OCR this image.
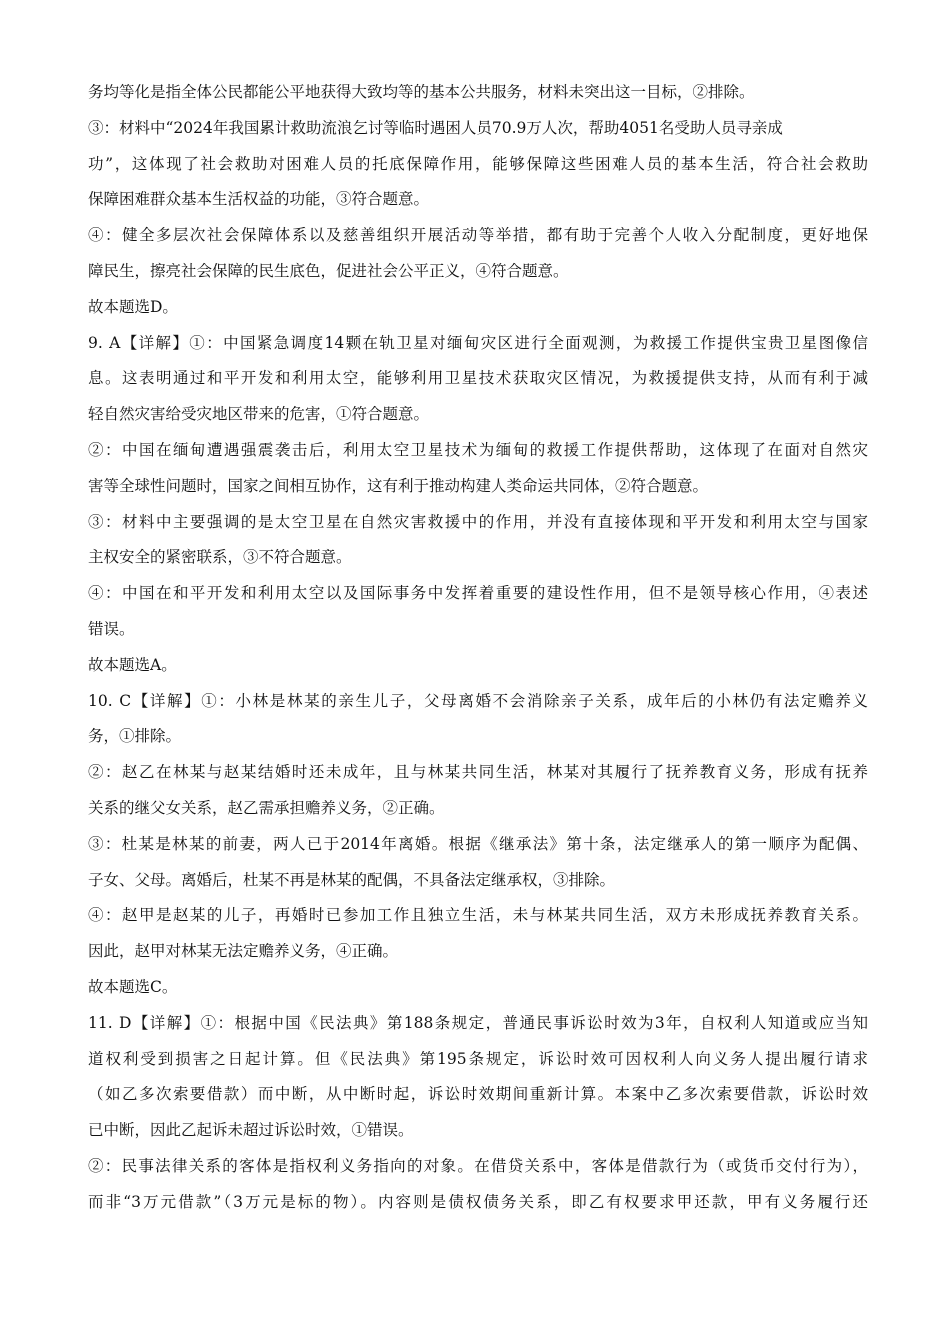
务均等化是指全体公民都能公平地获得大致均等的基本公共服务，材料未突出这一目标，②排除。
③：材料中“2024年我国累计救助流浪乞讨等临时遇困人员70.9万人次，帮助4051名受助人员寻亲成
功”，这体现了社会救助对困难人员的托底保障作用，能够保障这些困难人员的基本生活，符合社会救助
保障困难群众基本生活权益的功能，③符合题意。
④：健全多层次社会保障体系以及慈善组织开展活动等举措，都有助于完善个人收入分配制度，更好地保
障民生，擦亮社会保障的民生底色，促进社会公平正义，④符合题意。
故本题选D。
9. A【详解】①：中国紧急调度14颗在轨卫星对缅甸灾区进行全面观测，为救援工作提供宝贵卫星图像信
息。这表明通过和平开发和利用太空，能够利用卫星技术获取灾区情况，为救援提供支持，从而有利于减
轻自然灾害给受灾地区带来的危害，①符合题意。
②：中国在缅甸遭遇强震袭击后，利用太空卫星技术为缅甸的救援工作提供帮助，这体现了在面对自然灾
害等全球性问题时，国家之间相互协作，这有利于推动构建人类命运共同体，②符合题意。
③：材料中主要强调的是太空卫星在自然灾害救援中的作用，并没有直接体现和平开发和利用太空与国家
主权安全的紧密联系，③不符合题意。
④：中国在和平开发和利用太空以及国际事务中发挥着重要的建设性作用，但不是领导核心作用，④表述
错误。
故本题选A。
10. C【详解】①：小林是林某的亲生儿子，父母离婚不会消除亲子关系，成年后的小林仍有法定赡养义
务，①排除。
②：赵乙在林某与赵某结婚时还未成年，且与林某共同生活，林某对其履行了抚养教育义务，形成有抚养
关系的继父女关系，赵乙需承担赡养义务，②正确。
③：杜某是林某的前妻，两人已于2014年离婚。根据《继承法》第十条，法定继承人的第一顺序为配偶、
子女、父母。离婚后，杜某不再是林某的配偶，不具备法定继承权，③排除。
④：赵甲是赵某的儿子，再婚时已参加工作且独立生活，未与林某共同生活，双方未形成抚养教育关系。
因此，赵甲对林某无法定赡养义务，④正确。
故本题选C。
11. D【详解】①：根据中国《民法典》第188条规定，普通民事诉讼时效为3年，自权利人知道或应当知
道权利受到损害之日起计算。但《民法典》第195条规定，诉讼时效可因权利人向义务人提出履行请求
（如乙多次索要借款）而中断，从中断时起，诉讼时效期间重新计算。本案中乙多次索要借款，诉讼时效
已中断，因此乙起诉未超过诉讼时效，①错误。
②：民事法律关系的客体是指权利义务指向的对象。在借贷关系中，客体是借款行为（或货币交付行为），
而非“3万元借款”（3万元是标的物）。内容则是债权债务关系，即乙有权要求甲还款，甲有义务履行还
